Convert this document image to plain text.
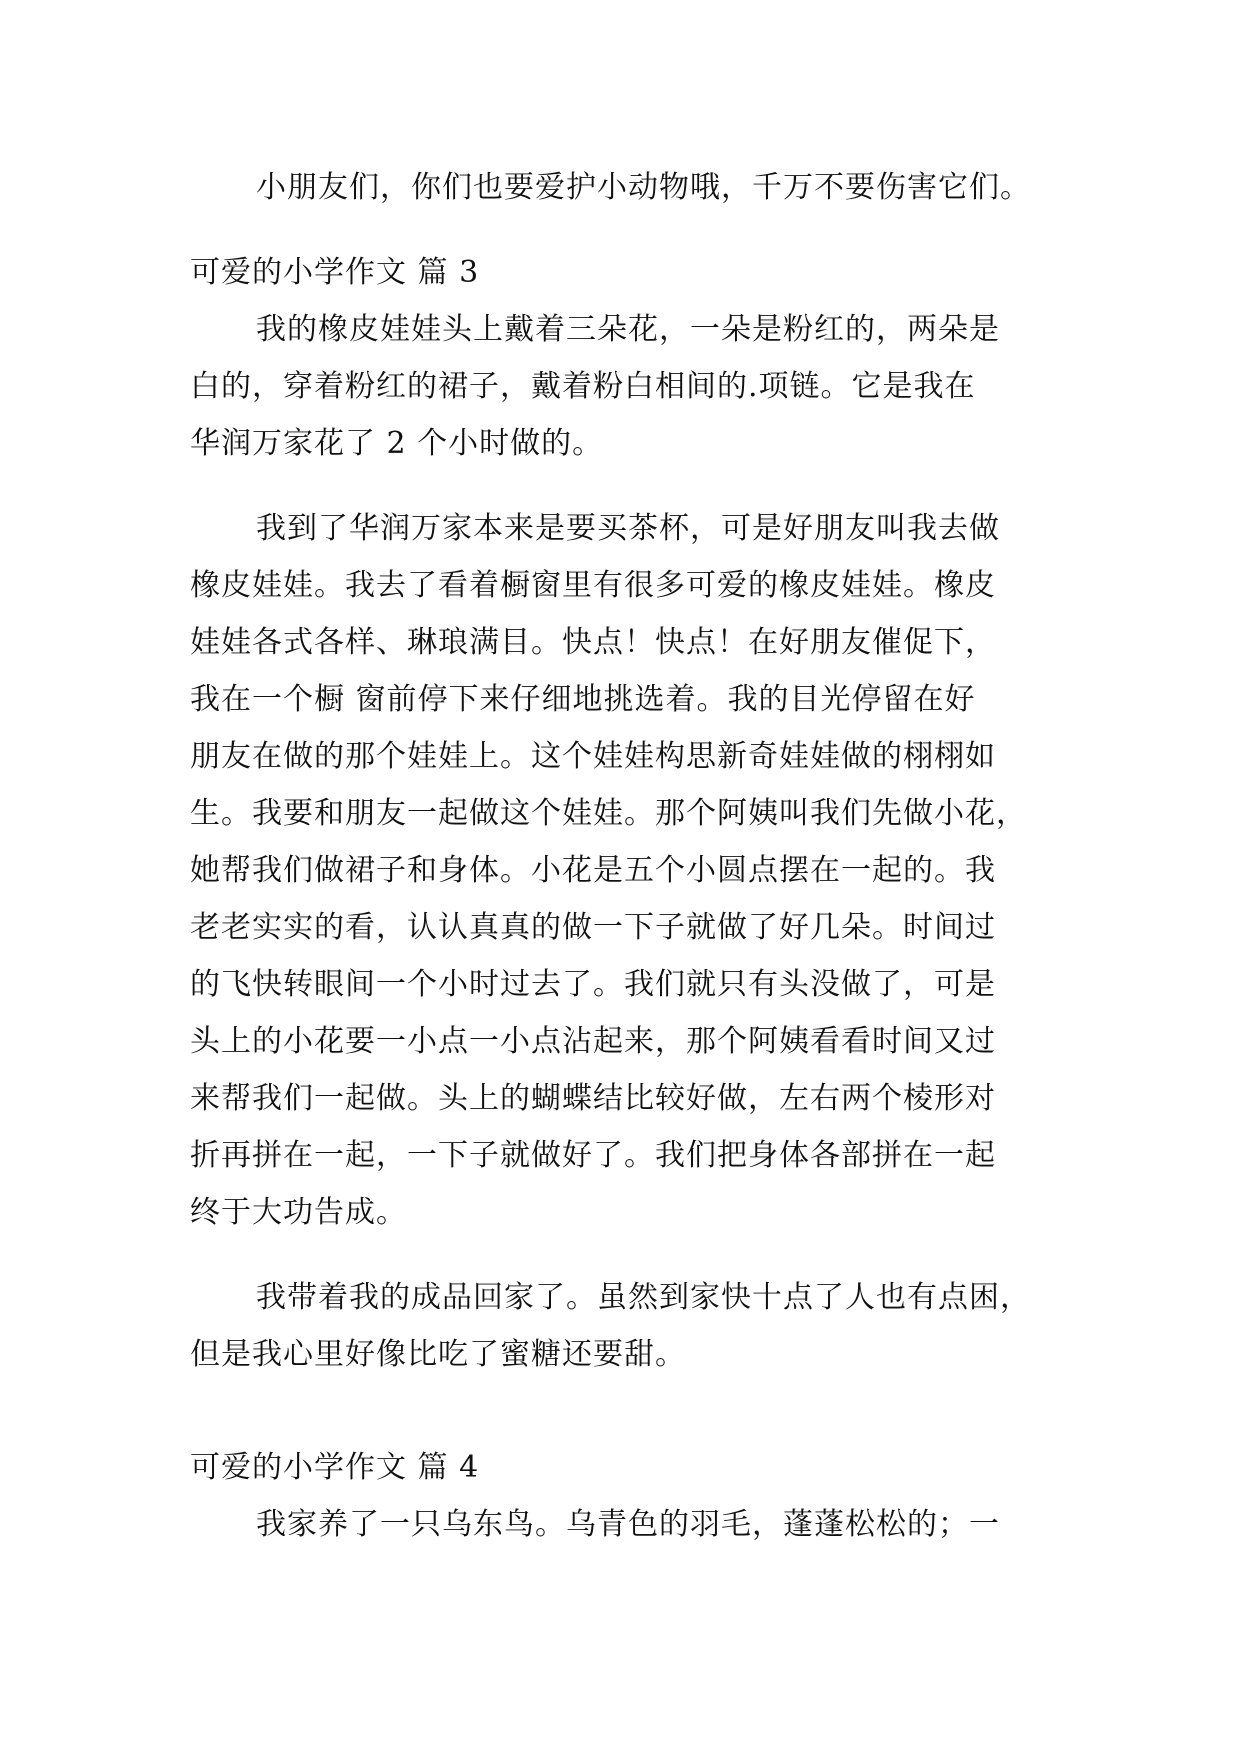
小朋友们，你们也要爱护小动物哦，千万不要伤害它们。
可爱的小学作文 篇 3
我的橡皮娃娃头上戴着三朵花，一朵是粉红的，两朵是
白的，穿着粉红的裙子，戴着粉白相间的.项链。它是我在
华润万家花了 2 个小时做的。
我到了华润万家本来是要买茶杯，可是好朋友叫我去做
橡皮娃娃。我去了看着橱窗里有很多可爱的橡皮娃娃。橡皮
娃娃各式各样、琳琅满目。快点！快点！在好朋友催促下，
我在一个橱 窗前停下来仔细地挑选着。我的目光停留在好
朋友在做的那个娃娃上。这个娃娃构思新奇娃娃做的栩栩如
生。我要和朋友一起做这个娃娃。那个阿姨叫我们先做小花，
她帮我们做裙子和身体。小花是五个小圆点摆在一起的。我
老老实实的看，认认真真的做一下子就做了好几朵。时间过
的飞快转眼间一个小时过去了。我们就只有头没做了，可是
头上的小花要一小点一小点沾起来，那个阿姨看看时间又过
来帮我们一起做。头上的蝴蝶结比较好做，左右两个棱形对
折再拼在一起，一下子就做好了。我们把身体各部拼在一起
终于大功告成。
我带着我的成品回家了。虽然到家快十点了人也有点困，
但是我心里好像比吃了蜜糖还要甜。
可爱的小学作文 篇 4
我家养了一只乌东鸟。乌青色的羽毛，蓬蓬松松的；一
